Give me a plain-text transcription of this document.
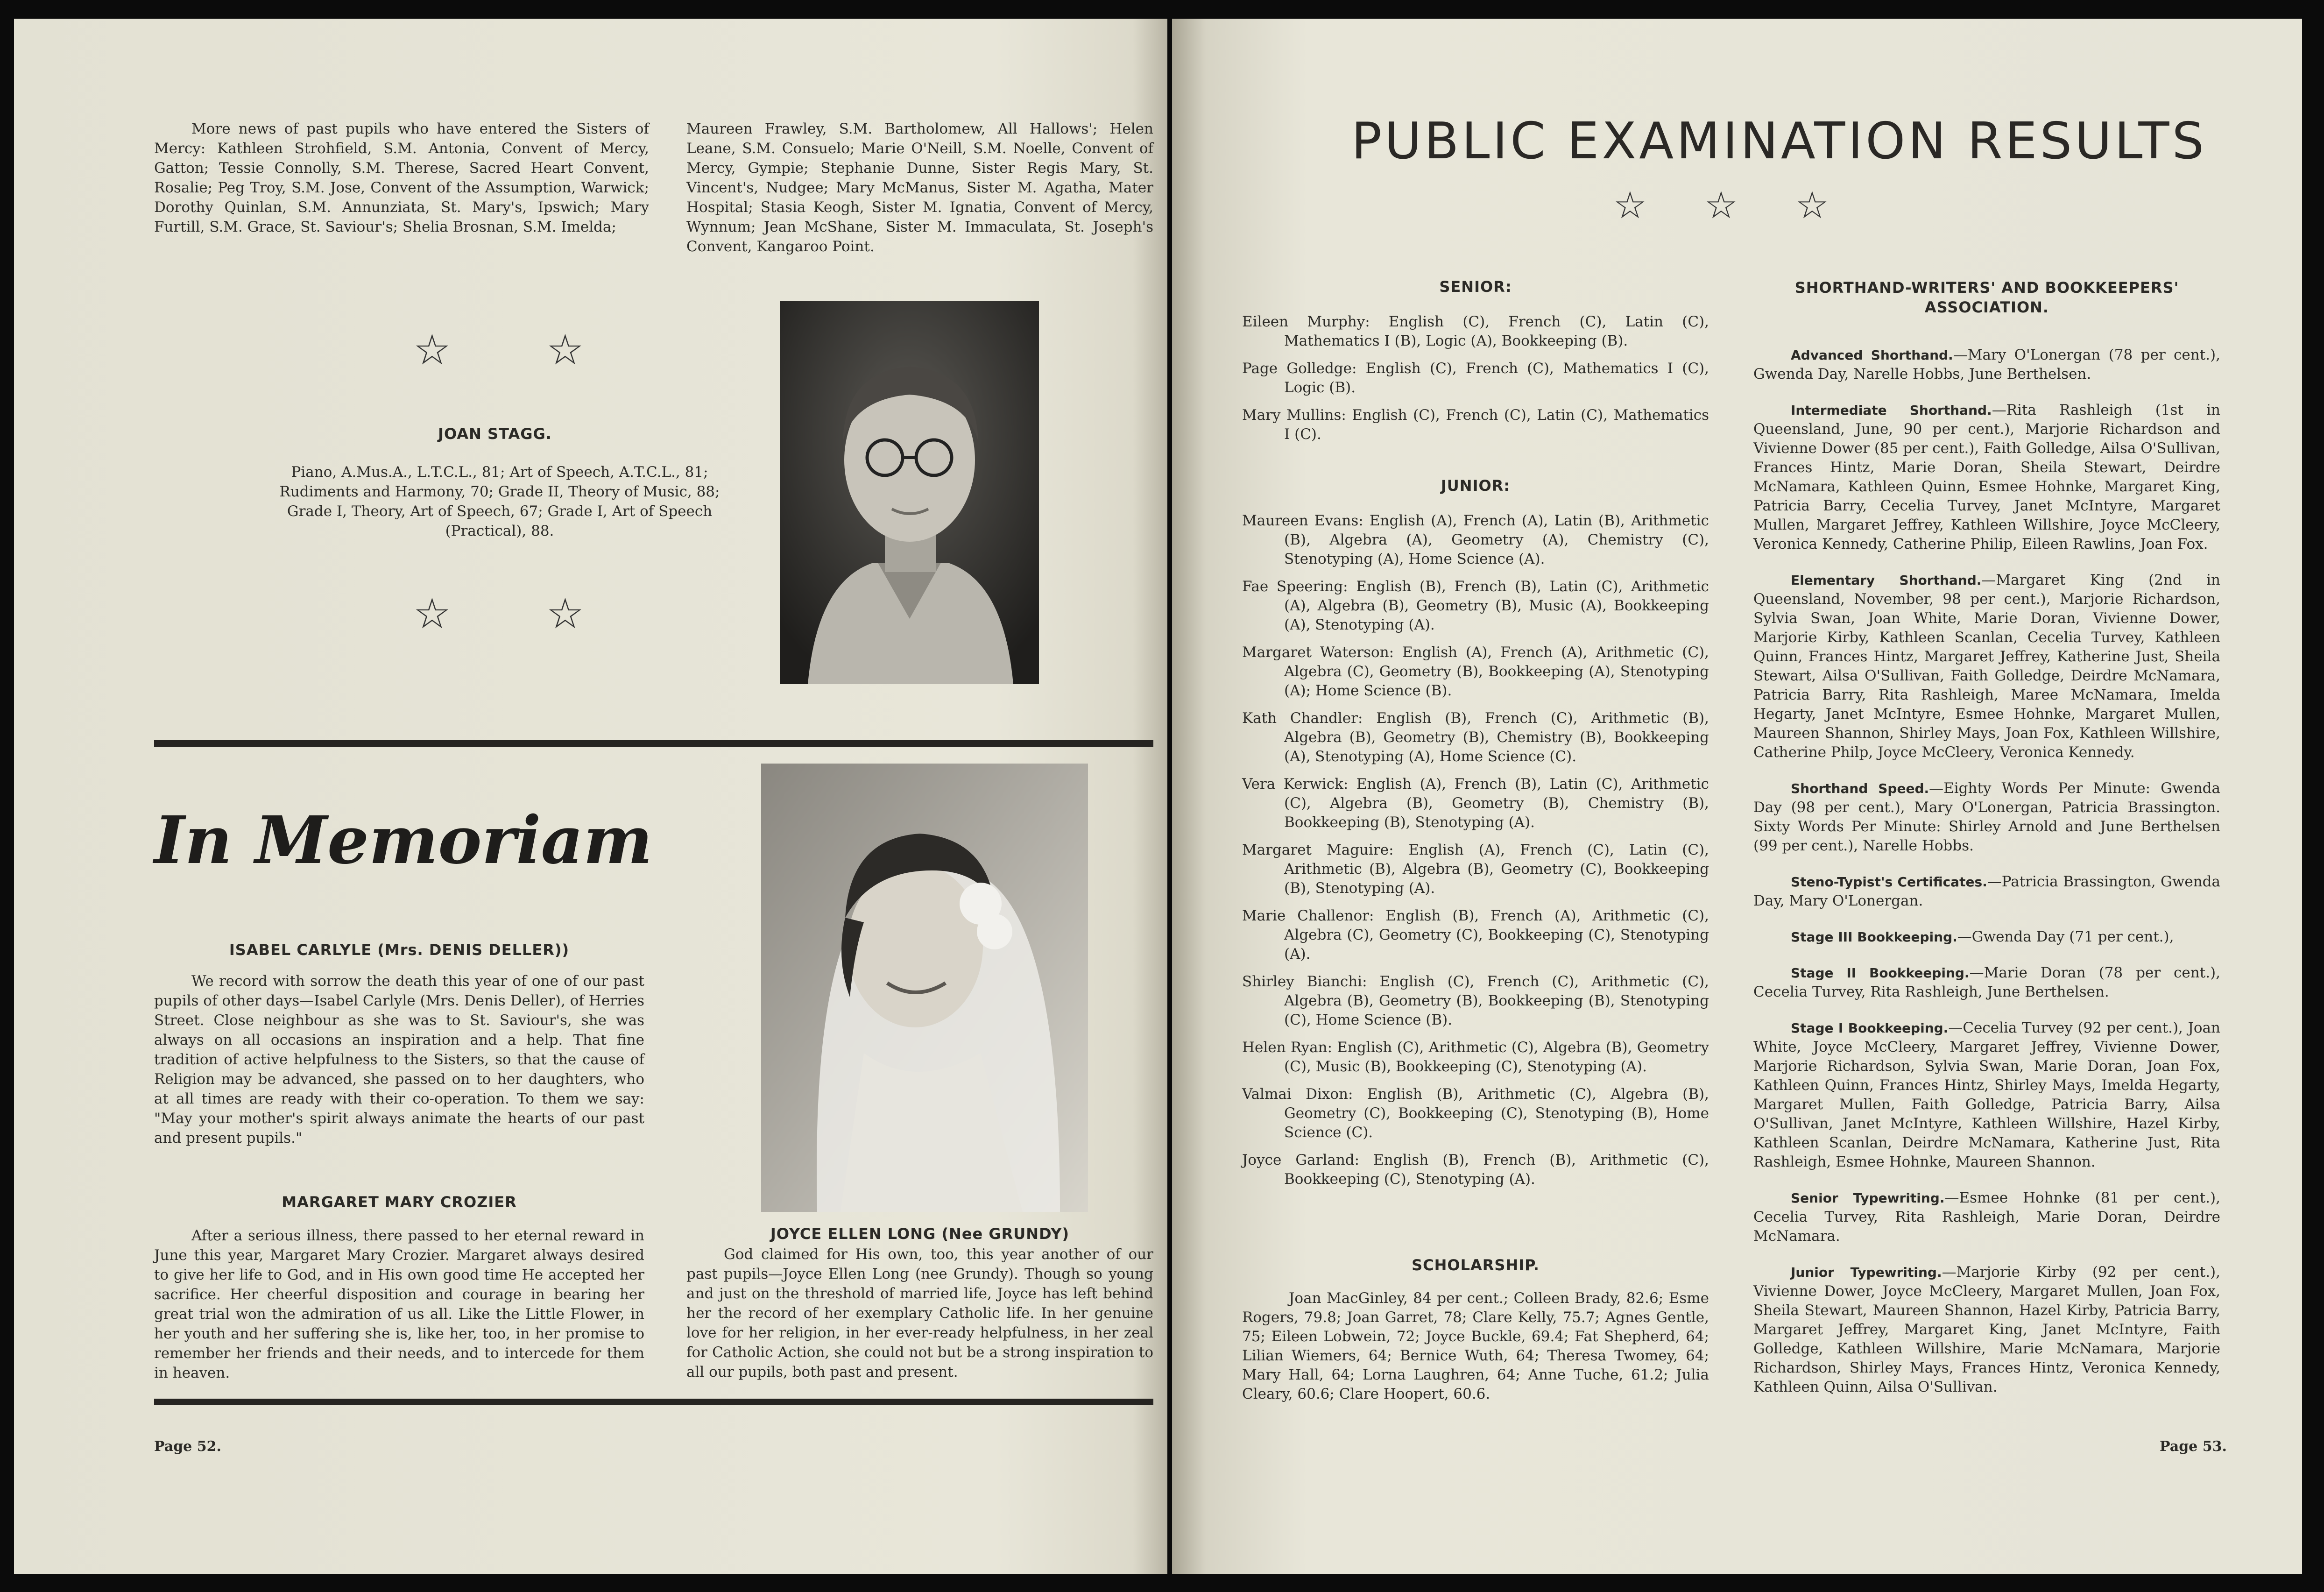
More news of past pupils who have entered the Sisters of Mercy: Kathleen Strohfield, S.M. Antonia, Convent of Mercy, Gatton; Tessie Connolly, S.M. Therese, Sacred Heart Convent, Rosalie; Peg Troy, S.M. Jose, Convent of the Assumption, Warwick; Dorothy Quinlan, S.M. Annunziata, St. Mary's, Ipswich; Mary Furtill, S.M. Grace, St. Saviour's; Shelia Brosnan, S.M. Imelda;

Maureen Frawley, S.M. Bartholomew, All Hallows'; Helen Leane, S.M. Consuelo; Marie O'Neill, S.M. Noelle, Convent of Mercy, Gympie; Stephanie Dunne, Sister Regis Mary, St. Vincent's, Nudgee; Mary McManus, Sister M. Agatha, Mater Hospital; Stasia Keogh, Sister M. Ignatia, Convent of Mercy, Wynnum; Jean McShane, Sister M. Immaculata, St. Joseph's Convent, Kangaroo Point.

☆ ☆
JOAN STAGG.

Piano, A.Mus.A., L.T.C.L., 81; Art of Speech, A.T.C.L., 81; Rudiments and Harmony, 70; Grade II, Theory of Music, 88; Grade I, Theory, Art of Speech, 67; Grade I, Art of Speech (Practical), 88.

☆ ☆
In Memoriam
ISABEL CARLYLE (Mrs. DENIS DELLER))

We record with sorrow the death this year of one of our past pupils of other days—Isabel Carlyle (Mrs. Denis Deller), of Herries Street. Close neighbour as she was to St. Saviour's, she was always on all occasions an inspiration and a help. That fine tradition of active helpfulness to the Sisters, so that the cause of Religion may be advanced, she passed on to her daughters, who at all times are ready with their co-operation. To them we say: "May your mother's spirit always animate the hearts of our past and present pupils."

MARGARET MARY CROZIER

After a serious illness, there passed to her eternal reward in June this year, Margaret Mary Crozier. Margaret always desired to give her life to God, and in His own good time He accepted her sacrifice. Her cheerful disposition and courage in bearing her great trial won the admiration of us all. Like the Little Flower, in her youth and her suffering she is, like her, too, in her promise to remember her friends and their needs, and to intercede for them in heaven.

JOYCE ELLEN LONG (Nee GRUNDY)

God claimed for His own, too, this year another of our past pupils—Joyce Ellen Long (nee Grundy). Though so young and just on the threshold of married life, Joyce has left behind her the record of her exemplary Catholic life. In her genuine love for her religion, in her ever-ready helpfulness, in her zeal for Catholic Action, she could not but be a strong inspiration to all our pupils, both past and present.

Page 52.
PUBLIC EXAMINATION RESULTS
☆ ☆ ☆
SENIOR:

Eileen Murphy: English (C), French (C), Latin (C), Mathematics I (B), Logic (A), Bookkeeping (B).

Page Golledge: English (C), French (C), Mathematics I (C), Logic (B).

Mary Mullins: English (C), French (C), Latin (C), Mathematics I (C).

JUNIOR:

Maureen Evans: English (A), French (A), Latin (B), Arithmetic (B), Algebra (A), Geometry (A), Chemistry (C), Stenotyping (A), Home Science (A).

Fae Speering: English (B), French (B), Latin (C), Arithmetic (A), Algebra (B), Geometry (B), Music (A), Bookkeeping (A), Stenotyping (A).

Margaret Waterson: English (A), French (A), Arithmetic (C), Algebra (C), Geometry (B), Bookkeeping (A), Stenotyping (A); Home Science (B).

Kath Chandler: English (B), French (C), Arithmetic (B), Algebra (B), Geometry (B), Chemistry (B), Bookkeeping (A), Stenotyping (A), Home Science (C).

Vera Kerwick: English (A), French (B), Latin (C), Arithmetic (C), Algebra (B), Geometry (B), Chemistry (B), Bookkeeping (B), Stenotyping (A).

Margaret Maguire: English (A), French (C), Latin (C), Arithmetic (B), Algebra (B), Geometry (C), Bookkeeping (B), Stenotyping (A).

Marie Challenor: English (B), French (A), Arithmetic (C), Algebra (C), Geometry (C), Bookkeeping (C), Stenotyping (A).

Shirley Bianchi: English (C), French (C), Arithmetic (C), Algebra (B), Geometry (B), Bookkeeping (B), Stenotyping (C), Home Science (B).

Helen Ryan: English (C), Arithmetic (C), Algebra (B), Geometry (C), Music (B), Bookkeeping (C), Stenotyping (A).

Valmai Dixon: English (B), Arithmetic (C), Algebra (B), Geometry (C), Bookkeeping (C), Stenotyping (B), Home Science (C).

Joyce Garland: English (B), French (B), Arithmetic (C), Bookkeeping (C), Stenotyping (A).

SCHOLARSHIP.

Joan MacGinley, 84 per cent.; Colleen Brady, 82.6; Esme Rogers, 79.8; Joan Garret, 78; Clare Kelly, 75.7; Agnes Gentle, 75; Eileen Lobwein, 72; Joyce Buckle, 69.4; Fat Shepherd, 64; Lilian Wiemers, 64; Bernice Wuth, 64; Theresa Twomey, 64; Mary Hall, 64; Lorna Laughren, 64; Anne Tuche, 61.2; Julia Cleary, 60.6; Clare Hoopert, 60.6.

SHORTHAND-WRITERS' AND BOOKKEEPERS' ASSOCIATION.

Advanced Shorthand.—Mary O'Lonergan (78 per cent.), Gwenda Day, Narelle Hobbs, June Berthelsen.

Intermediate Shorthand.—Rita Rashleigh (1st in Queensland, June, 90 per cent.), Marjorie Richardson and Vivienne Dower (85 per cent.), Faith Golledge, Ailsa O'Sullivan, Frances Hintz, Marie Doran, Sheila Stewart, Deirdre McNamara, Kathleen Quinn, Esmee Hohnke, Margaret King, Patricia Barry, Cecelia Turvey, Janet McIntyre, Margaret Mullen, Margaret Jeffrey, Kathleen Willshire, Joyce McCleery, Veronica Kennedy, Catherine Philip, Eileen Rawlins, Joan Fox.

Elementary Shorthand.—Margaret King (2nd in Queensland, November, 98 per cent.), Marjorie Richardson, Sylvia Swan, Joan White, Marie Doran, Vivienne Dower, Marjorie Kirby, Kathleen Scanlan, Cecelia Turvey, Kathleen Quinn, Frances Hintz, Margaret Jeffrey, Katherine Just, Sheila Stewart, Ailsa O'Sullivan, Faith Golledge, Deirdre McNamara, Patricia Barry, Rita Rashleigh, Maree McNamara, Imelda Hegarty, Janet McIntyre, Esmee Hohnke, Margaret Mullen, Maureen Shannon, Shirley Mays, Joan Fox, Kathleen Willshire, Catherine Philp, Joyce McCleery, Veronica Kennedy.

Shorthand Speed.—Eighty Words Per Minute: Gwenda Day (98 per cent.), Mary O'Lonergan, Patricia Brassington. Sixty Words Per Minute: Shirley Arnold and June Berthelsen (99 per cent.), Narelle Hobbs.

Steno-Typist's Certificates.—Patricia Brassington, Gwenda Day, Mary O'Lonergan.

Stage III Bookkeeping.—Gwenda Day (71 per cent.),

Stage II Bookkeeping.—Marie Doran (78 per cent.), Cecelia Turvey, Rita Rashleigh, June Berthelsen.

Stage I Bookkeeping.—Cecelia Turvey (92 per cent.), Joan White, Joyce McCleery, Margaret Jeffrey, Vivienne Dower, Marjorie Richardson, Sylvia Swan, Marie Doran, Joan Fox, Kathleen Quinn, Frances Hintz, Shirley Mays, Imelda Hegarty, Margaret Mullen, Faith Golledge, Patricia Barry, Ailsa O'Sullivan, Janet McIntyre, Kathleen Willshire, Hazel Kirby, Kathleen Scanlan, Deirdre McNamara, Katherine Just, Rita Rashleigh, Esmee Hohnke, Maureen Shannon.

Senior Typewriting.—Esmee Hohnke (81 per cent.), Cecelia Turvey, Rita Rashleigh, Marie Doran, Deirdre McNamara.

Junior Typewriting.—Marjorie Kirby (92 per cent.), Vivienne Dower, Joyce McCleery, Margaret Mullen, Joan Fox, Sheila Stewart, Maureen Shannon, Hazel Kirby, Patricia Barry, Margaret Jeffrey, Margaret King, Janet McIntyre, Faith Golledge, Kathleen Willshire, Marie McNamara, Marjorie Richardson, Shirley Mays, Frances Hintz, Veronica Kennedy, Kathleen Quinn, Ailsa O'Sullivan.

Page 53.
